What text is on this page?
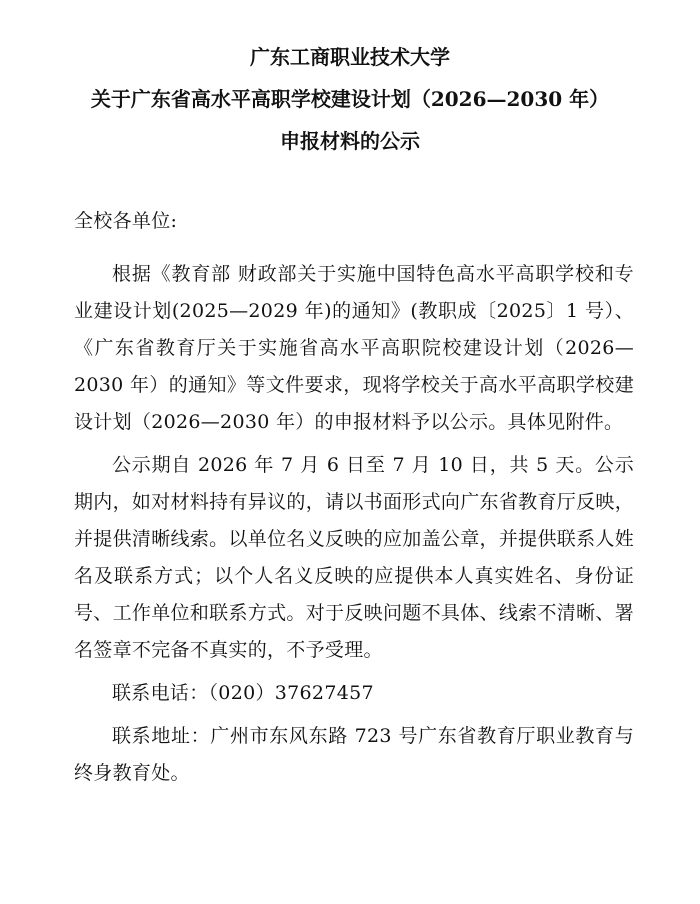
广东工商职业技术大学
关于广东省高水平高职学校建设计划（2026—2030 年）
申报材料的公示
全校各单位:

根据《教育部 财政部关于实施中国特色高水平高职学校和专业建设计划(2025—2029 年)的通知》(教职成〔2025〕1 号）、《广东省教育厅关于实施省高水平高职院校建设计划（2026—2030 年）的通知》等文件要求，现将学校关于高水平高职学校建设计划（2026—2030 年）的申报材料予以公示。具体见附件。

公示期自 2026 年 7 月 6 日至 7 月 10 日，共 5 天。公示期内，如对材料持有异议的，请以书面形式向广东省教育厅反映，并提供清晰线索。以单位名义反映的应加盖公章，并提供联系人姓名及联系方式；以个人名义反映的应提供本人真实姓名、身份证号、工作单位和联系方式。对于反映问题不具体、线索不清晰、署名签章不完备不真实的，不予受理。

联系电话：（020）37627457

联系地址：广州市东风东路 723 号广东省教育厅职业教育与终身教育处。
